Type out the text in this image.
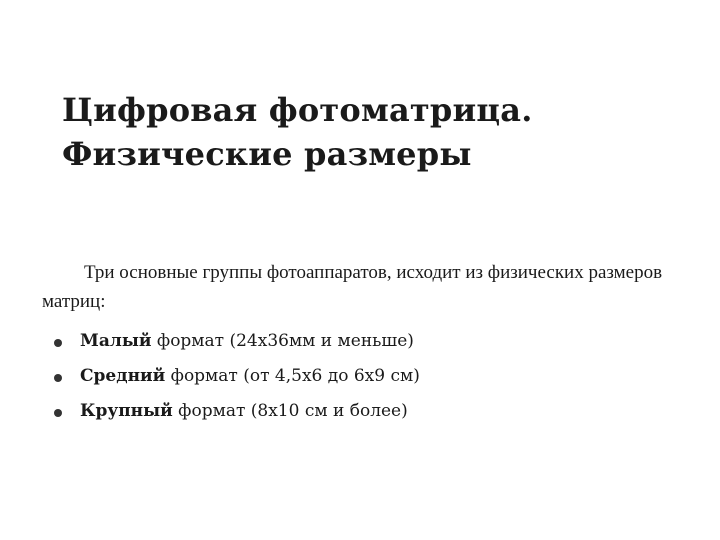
Цифровая фотоматрица.
Физические размеры

Три основные группы фотоаппаратов, исходит из физических размеров матриц:

Малый формат (24х36мм и меньше)
Средний формат (от 4,5х6 до 6х9 см)
Крупный формат (8х10 см и более)
